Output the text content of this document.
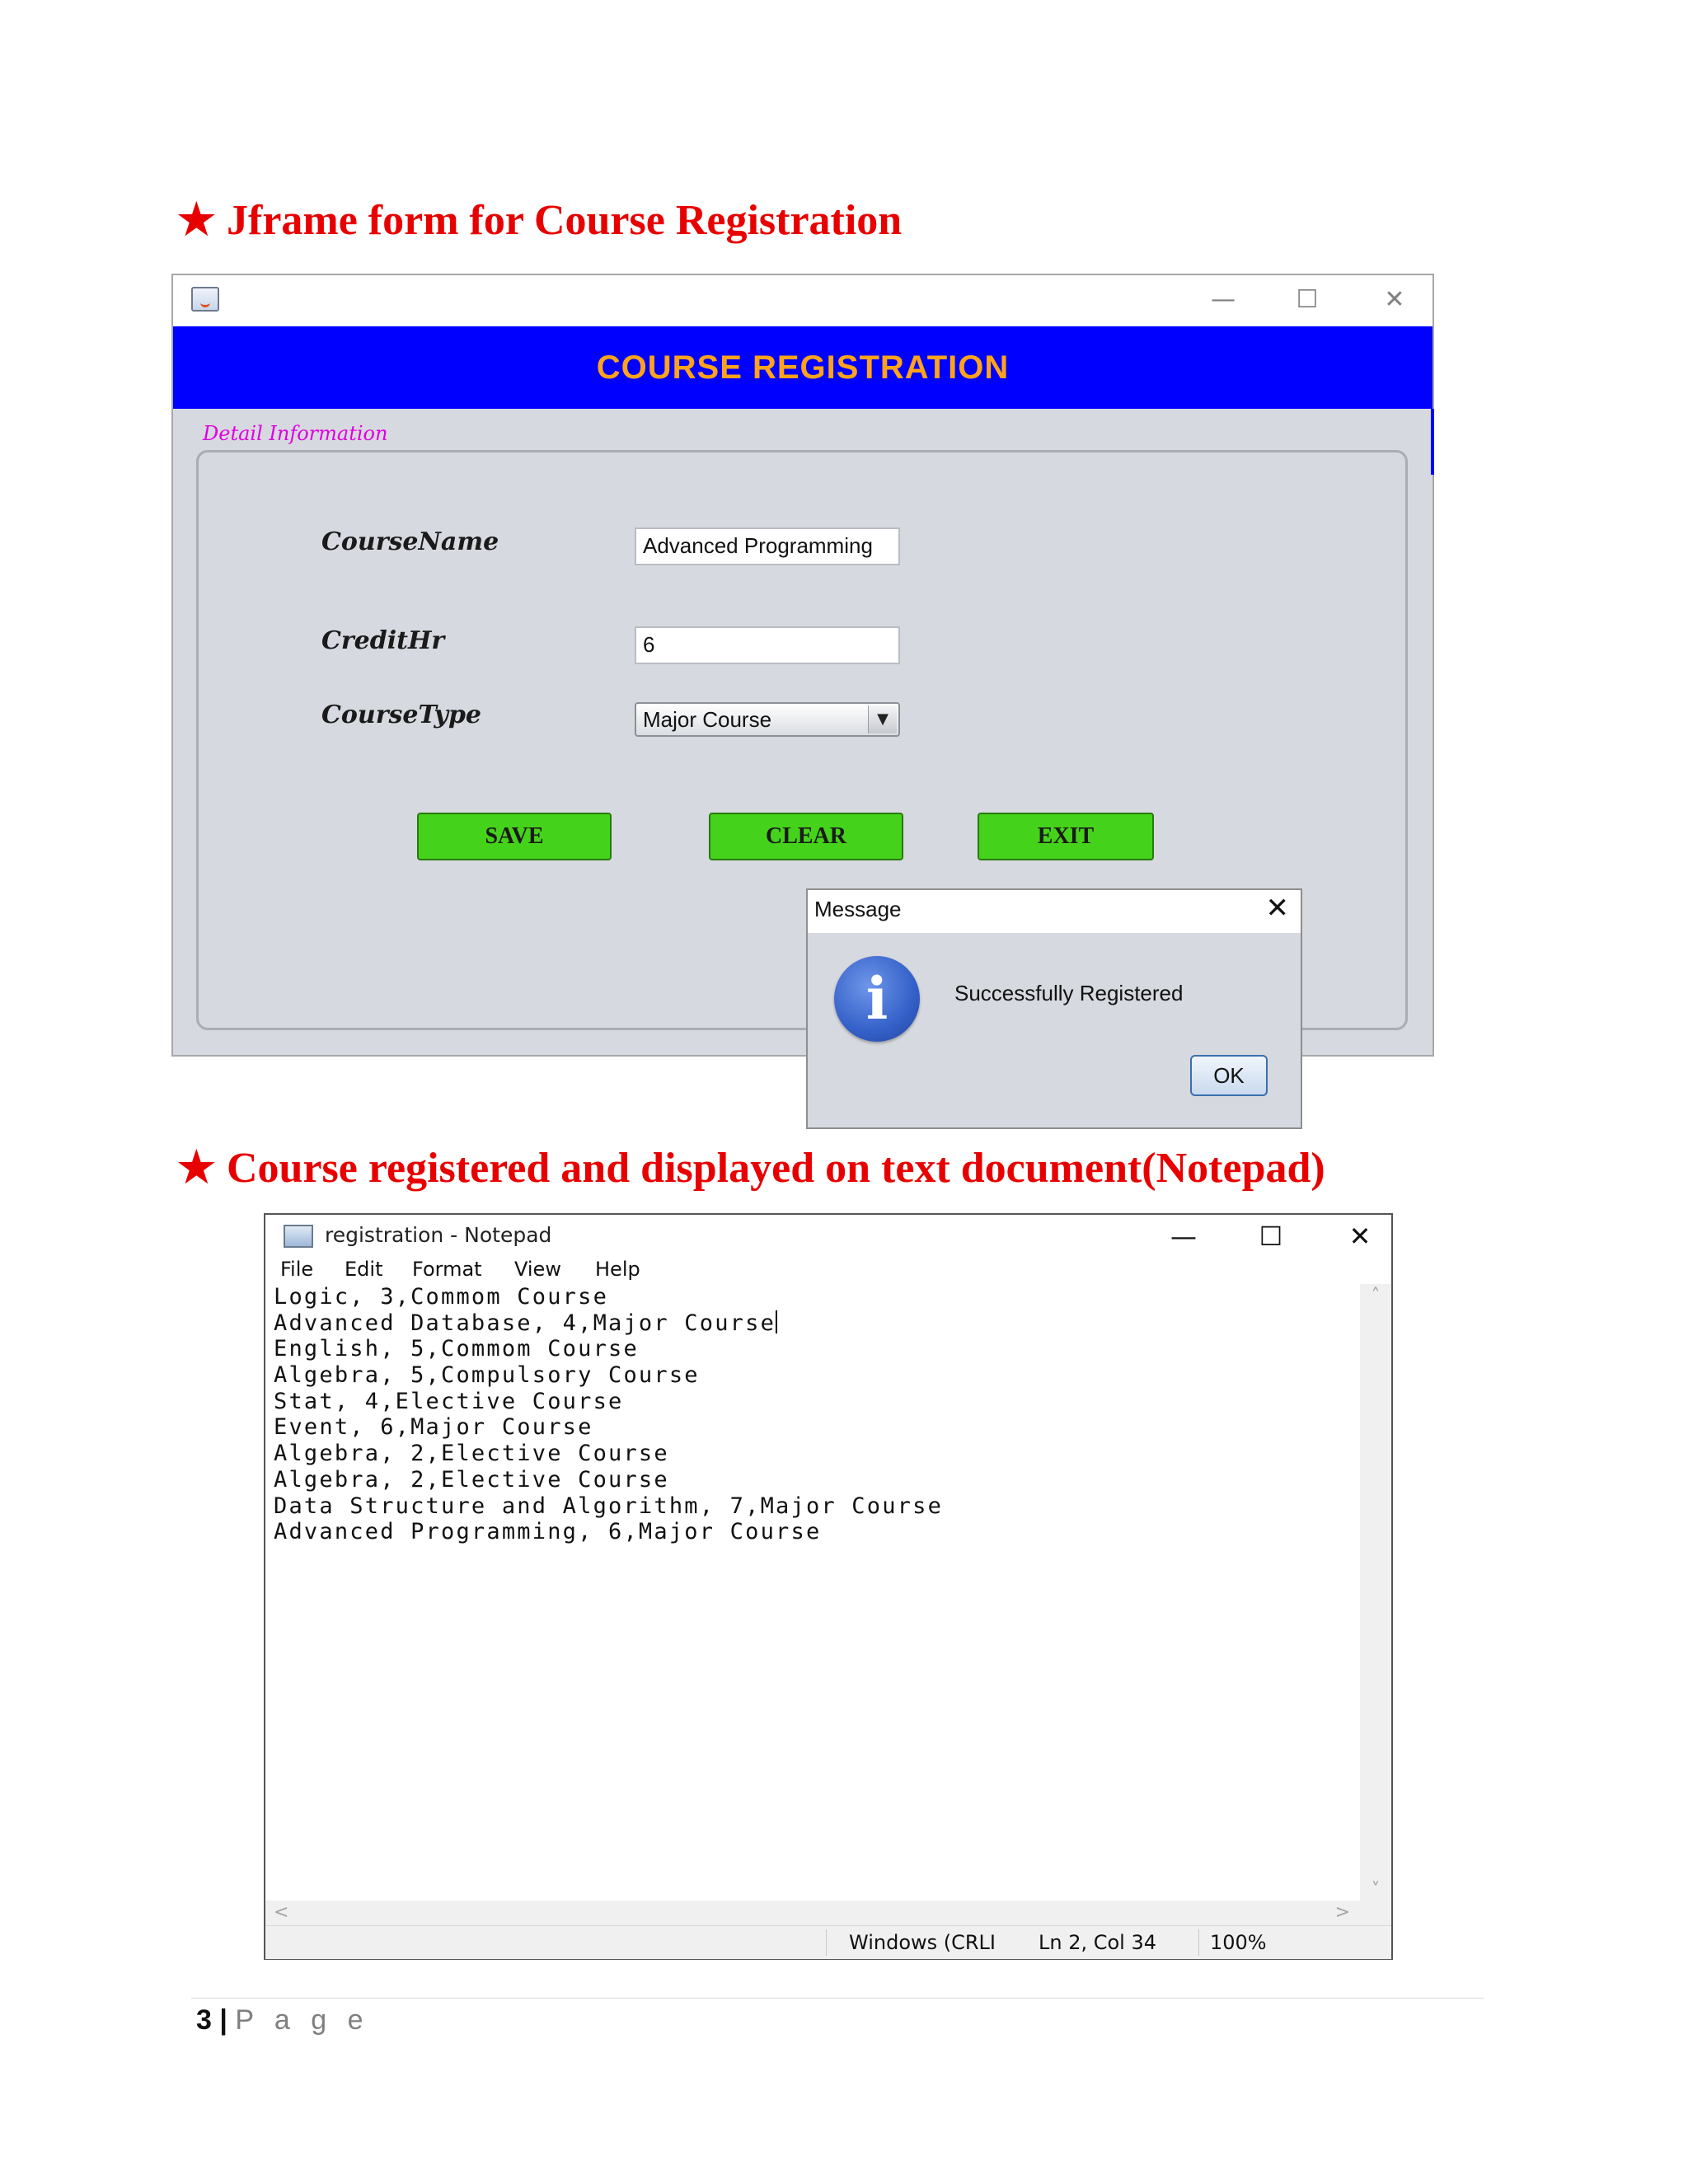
★ Jframe form for Course Registration
—	☐	✕
COURSE REGISTRATION
Detail Information
CourseName	Advanced Programming
CreditHr	6
CourseType	Major Course	▼
SAVE	CLEAR	EXIT
Message	✕
i	Successfully Registered
OK
★ Course registered and displayed on text document(Notepad)
registration - Notepad	—	☐	✕
File Edit Format View Help
Logic, 3,Commom Course
Advanced Database, 4,Major Course
English, 5,Commom Course
Algebra, 5,Compulsory Course
Stat, 4,Elective Course
Event, 6,Major Course
Algebra, 2,Elective Course
Algebra, 2,Elective Course
Data Structure and Algorithm, 7,Major Course
Advanced Programming, 6,Major Course
˄
˅
<	>
Windows (CRLI Ln 2, Col 34	100%
3 | P a g e
